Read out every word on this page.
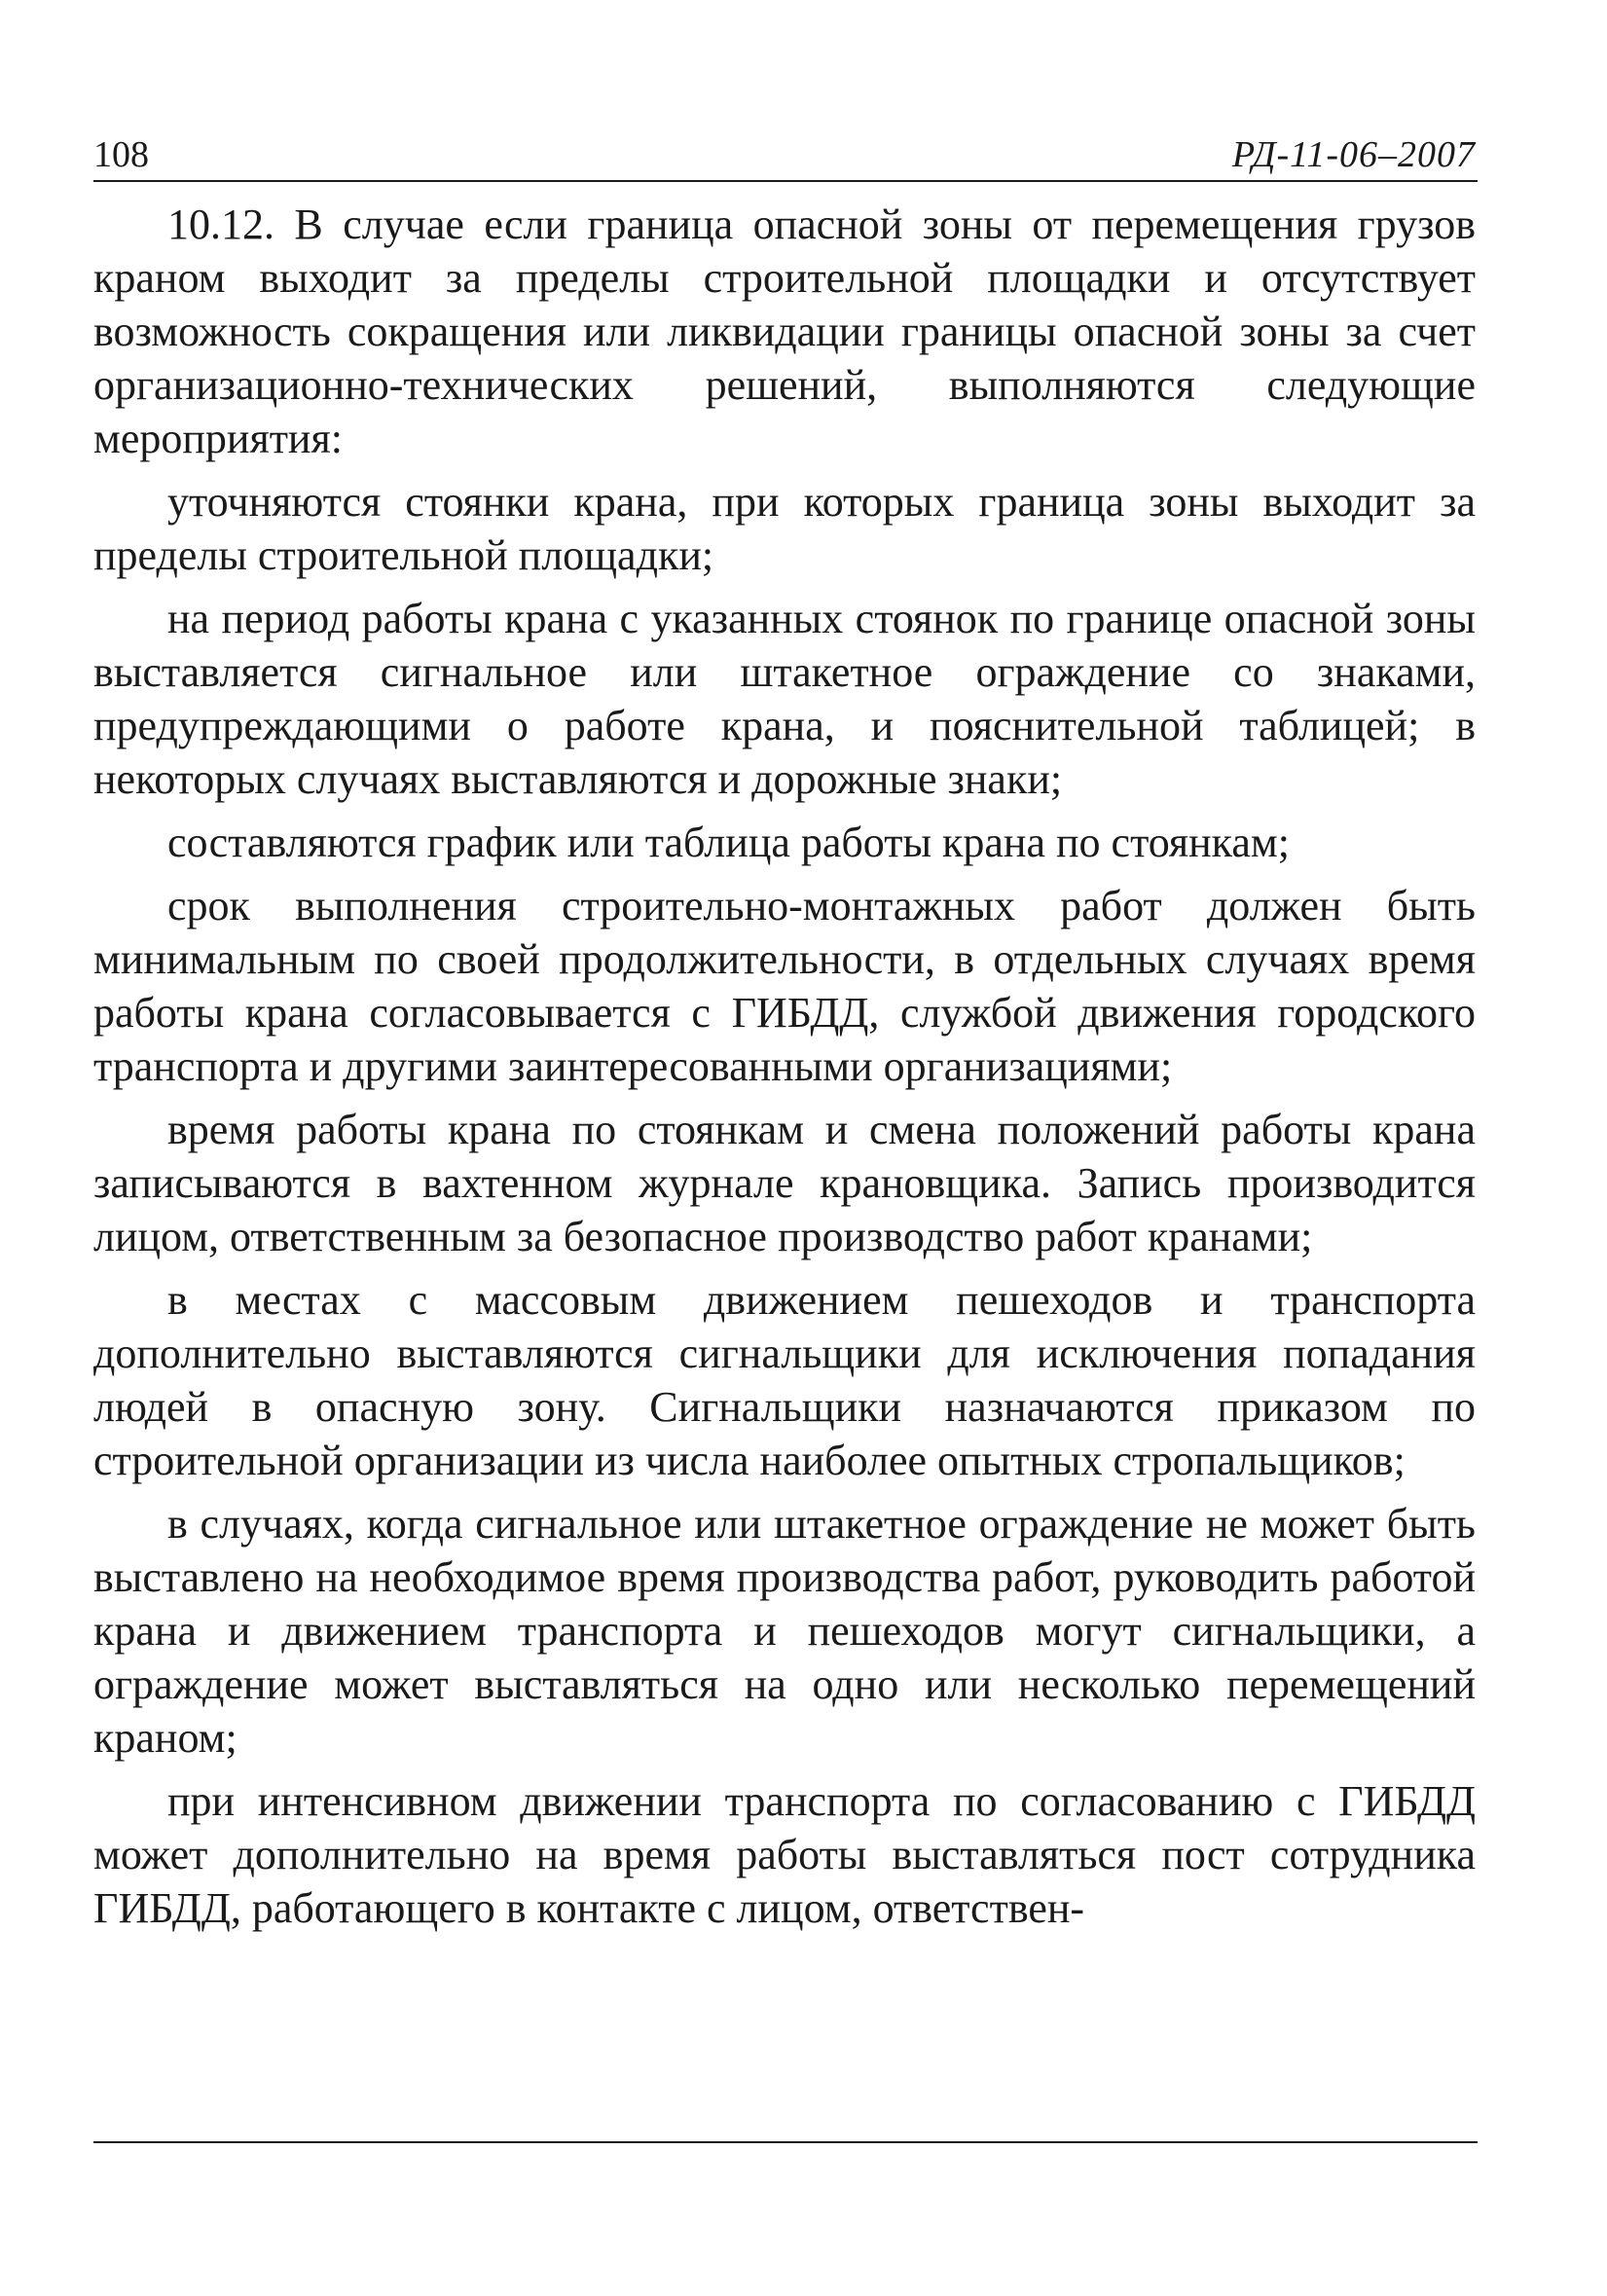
108	РД-11-06–2007

10.12. В случае если граница опасной зоны от перемещения грузов краном выходит за пределы строительной площадки и отсутствует возможность сокращения или ликвидации границы опасной зоны за счет организационно-технических решений, выполняются следующие мероприятия:

уточняются стоянки крана, при которых граница зоны выходит за пределы строительной площадки;

на период работы крана с указанных стоянок по границе опасной зоны выставляется сигнальное или штакетное ограждение со знаками, предупреждающими о работе крана, и пояснительной таблицей; в некоторых случаях выставляются и дорожные знаки;

составляются график или таблица работы крана по стоянкам;

срок выполнения строительно-монтажных работ должен быть минимальным по своей продолжительности, в отдельных случаях время работы крана согласовывается с ГИБДД, службой движения городского транспорта и другими заинтересованными организациями;

время работы крана по стоянкам и смена положений работы крана записываются в вахтенном журнале крановщика. Запись производится лицом, ответственным за безопасное производство работ кранами;

в местах с массовым движением пешеходов и транспорта дополнительно выставляются сигнальщики для исключения попадания людей в опасную зону. Сигнальщики назначаются приказом по строительной организации из числа наиболее опытных стропальщиков;

в случаях, когда сигнальное или штакетное ограждение не может быть выставлено на необходимое время производства работ, руководить работой крана и движением транспорта и пешеходов могут сигнальщики, а ограждение может выставляться на одно или несколько перемещений краном;

при интенсивном движении транспорта по согласованию с ГИБДД может дополнительно на время работы выставляться пост сотрудника ГИБДД, работающего в контакте с лицом, ответствен-
